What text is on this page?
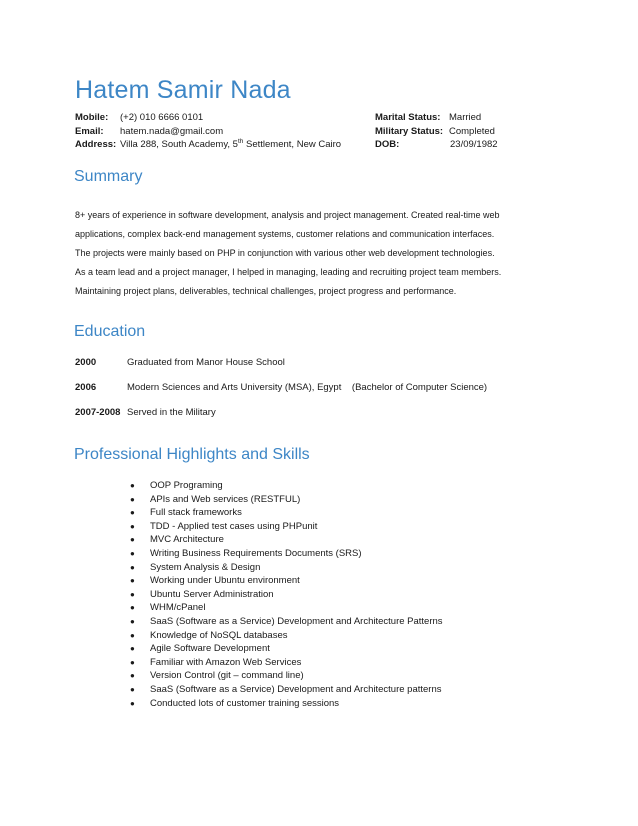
Hatem Samir Nada
Mobile: (+2) 010 6666 0101
Email: hatem.nada@gmail.com
Address: Villa 288, South Academy, 5th Settlement, New Cairo
Marital Status: Married
Military Status: Completed
DOB:	23/09/1982
Summary
8+ years of experience in software development, analysis and project management. Created real-time web
applications, complex back-end management systems, customer relations and communication interfaces.
The projects were mainly based on PHP in conjunction with various other web development technologies.
As a team lead and a project manager, I helped in managing, leading and recruiting project team members.
Maintaining project plans, deliverables, technical challenges, project progress and performance.
Education
2000	Graduated from Manor House School
2006	Modern Sciences and Arts University (MSA), Egypt    (Bachelor of Computer Science)
2007-2008 Served in the Military
Professional Highlights and Skills
● OOP Programing
● APIs and Web services (RESTFUL)
● Full stack frameworks
● TDD - Applied test cases using PHPunit
● MVC Architecture
● Writing Business Requirements Documents (SRS)
● System Analysis & Design
● Working under Ubuntu environment
● Ubuntu Server Administration
● WHM/cPanel
● SaaS (Software as a Service) Development and Architecture Patterns
● Knowledge of NoSQL databases
● Agile Software Development
● Familiar with Amazon Web Services
● Version Control (git – command line)
● SaaS (Software as a Service) Development and Architecture patterns
● Conducted lots of customer training sessions
